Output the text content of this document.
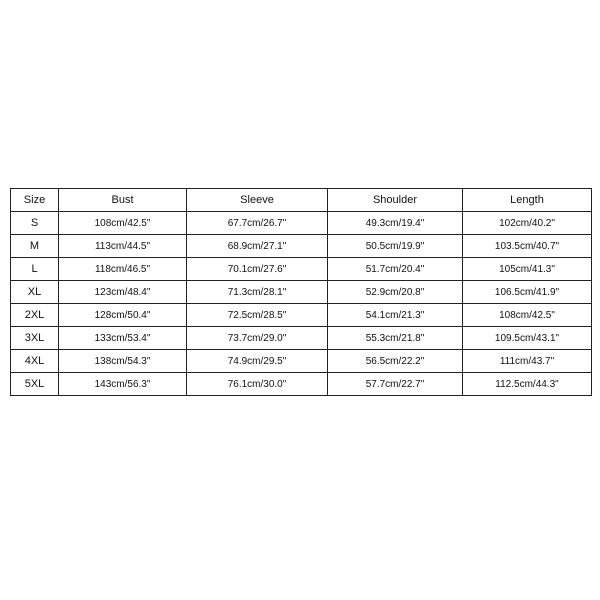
Size	Bust	Sleeve	Shoulder	Length
S	108cm/42.5"	67.7cm/26.7"	49.3cm/19.4"	102cm/40.2"
M	113cm/44.5"	68.9cm/27.1"	50.5cm/19.9"	103.5cm/40.7"
L	118cm/46.5"	70.1cm/27.6"	51.7cm/20.4"	105cm/41.3"
XL	123cm/48.4"	71.3cm/28.1"	52.9cm/20.8"	106.5cm/41.9"
2XL	128cm/50.4"	72.5cm/28.5"	54.1cm/21.3"	108cm/42.5"
3XL	133cm/53.4"	73.7cm/29.0"	55.3cm/21.8"	109.5cm/43.1"
4XL	138cm/54.3"	74.9cm/29.5"	56.5cm/22.2"	111cm/43.7"
5XL	143cm/56.3"	76.1cm/30.0"	57.7cm/22.7"	112.5cm/44.3"
